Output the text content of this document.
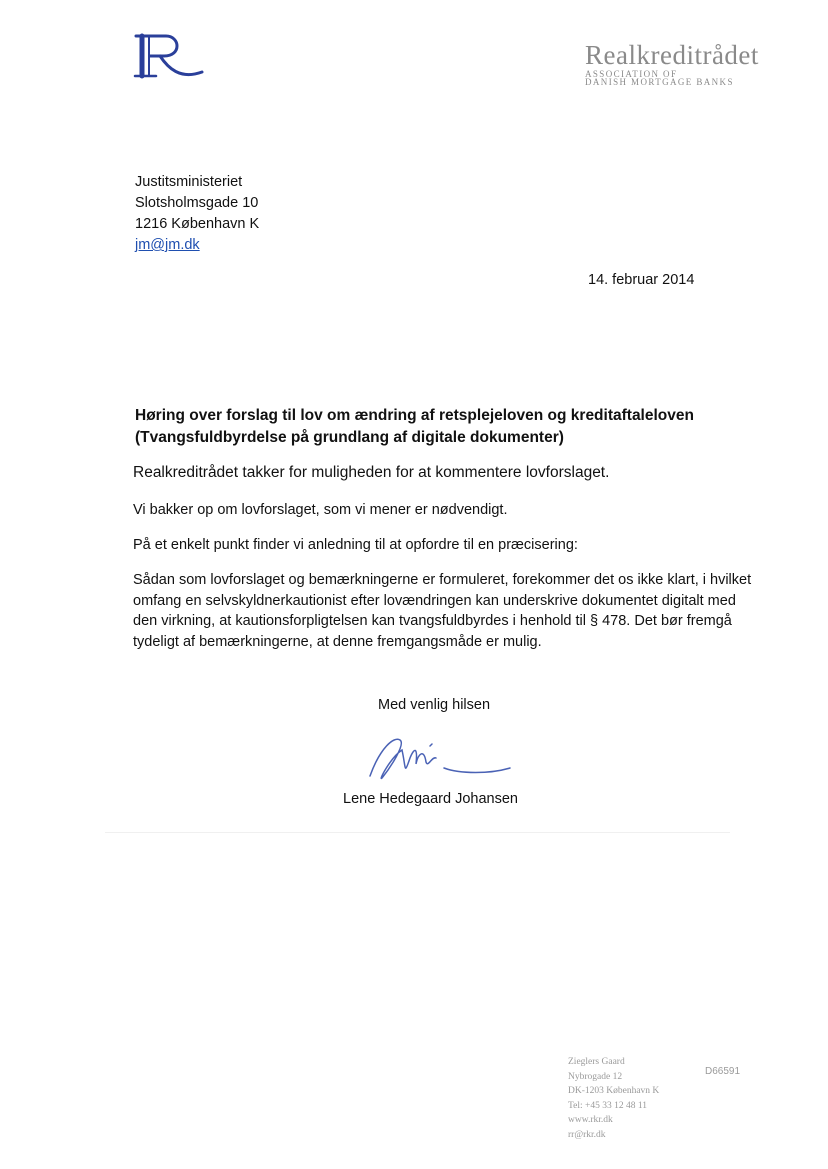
Realkreditrådet
ASSOCIATION OF
DANISH MORTGAGE BANKS
Justitsministeriet
Slotsholmsgade 10
1216 København K
jm@jm.dk
14. februar 2014
Høring over forslag til lov om ændring af retsplejeloven og kreditaftaleloven
(Tvangsfuldbyrdelse på grundlang af digitale dokumenter)
Realkreditrådet takker for muligheden for at kommentere lovforslaget.
Vi bakker op om lovforslaget, som vi mener er nødvendigt.
På et enkelt punkt finder vi anledning til at opfordre til en præcisering:
Sådan som lovforslaget og bemærkningerne er formuleret, forekommer det os ikke klart, i hvilket omfang en selvskyldnerkautionist efter lovændringen kan underskrive dokumentet digitalt med den virkning, at kautionsforpligtelsen kan tvangsfuldbyrdes i henhold til § 478. Det bør fremgå tydeligt af bemærkningerne, at denne fremgangsmåde er mulig.
Med venlig hilsen
Lene Hedegaard Johansen
Zieglers Gaard
Nybrogade 12
DK-1203 København K
Tel: +45 33 12 48 11
www.rkr.dk
rr@rkr.dk
D66591
